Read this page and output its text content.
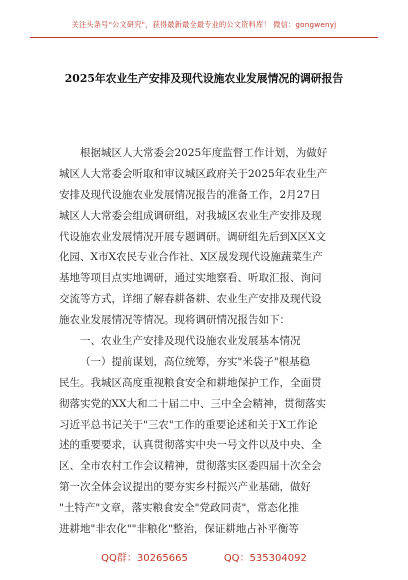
关注头条号"公文研究"，获得最新最全最专业的公文资料库！ 微信：gongwenyj
2025年农业生产安排及现代设施农业发展情况的调研报告
根据城区人大常委会2025年度监督工作计划，为做好
城区人大常委会听取和审议城区政府关于2025年农业生产
安排及现代设施农业发展情况报告的准备工作，2月27日
城区人大常委会组成调研组，对我城区农业生产安排及现
代设施农业发展情况开展专题调研。调研组先后到X区X文
化园、X市X农民专业合作社、X区晟发现代设施蔬菜生产
基地等项目点实地调研，通过实地察看、听取汇报、询问
交流等方式，详细了解春耕备耕、农业生产安排及现代设
施农业发展情况等情况。现将调研情况报告如下：
一、农业生产安排及现代设施农业发展基本情况
（一）提前谋划，高位统筹，夯实"米袋子"根基稳
民生。我城区高度重视粮食安全和耕地保护工作，全面贯
彻落实党的XX大和二十届二中、三中全会精神，贯彻落实
习近平总书记关于"三农"工作的重要论述和关于X工作论
述的重要要求，认真贯彻落实中央一号文件以及中央、全
区、全市农村工作会议精神，贯彻落实区委四届十次全会
第一次全体会议提出的要夯实乡村振兴产业基础，做好
"土特产"文章，落实粮食安全"党政同责"，常态化推
进耕地"非农化""非粮化"整治，保证耕地占补平衡等
QQ群：30265665	QQ：535304092
